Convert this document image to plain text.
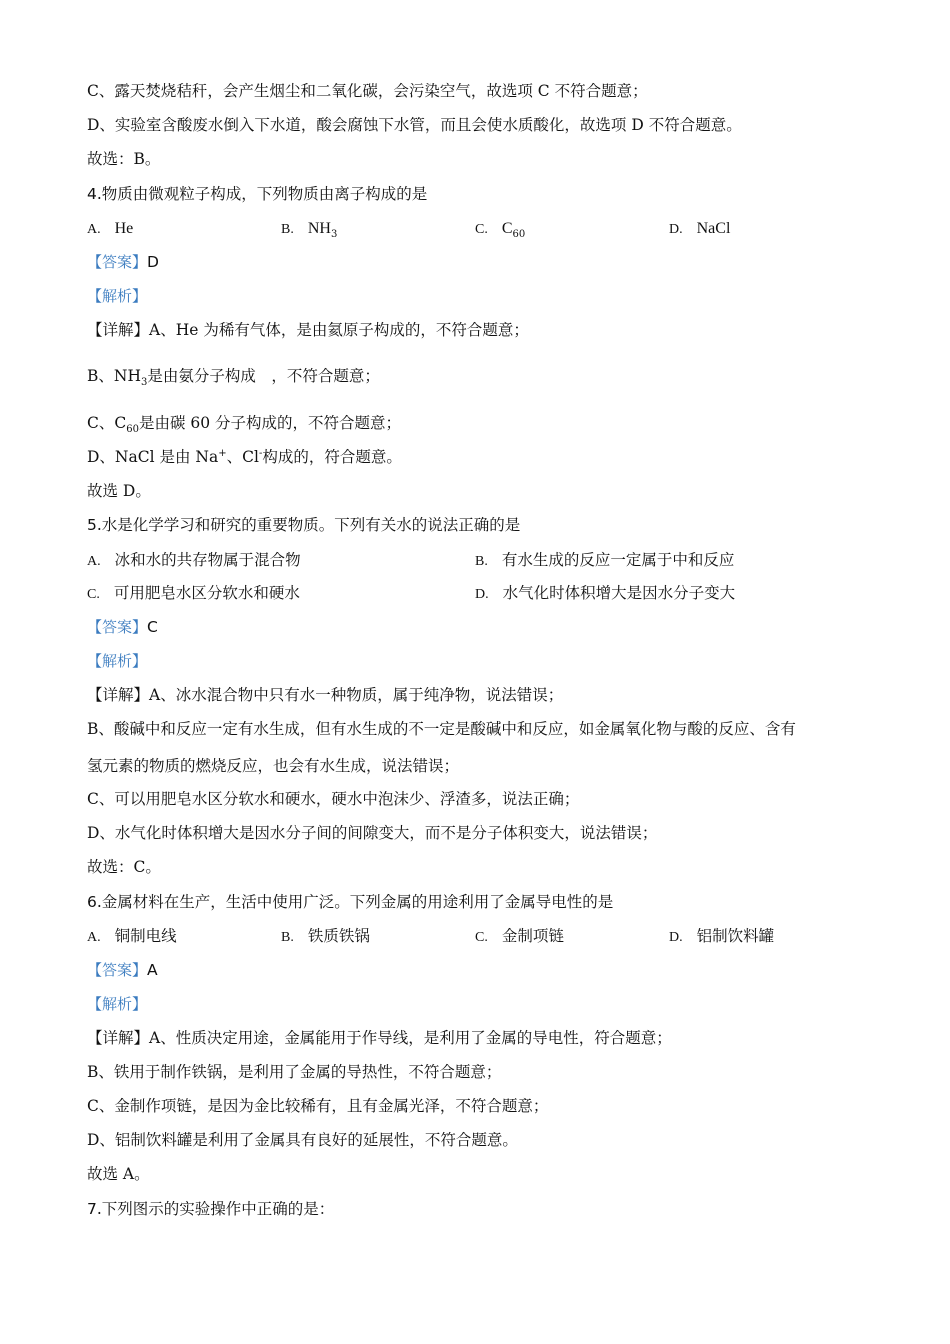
C、露天焚烧秸秆，会产生烟尘和二氧化碳，会污染空气，故选项 C 不符合题意；
D、实验室含酸废水倒入下水道，酸会腐蚀下水管，而且会使水质酸化，故选项 D 不符合题意。
故选：B。
4.物质由微观粒子构成，下列物质由离子构成的是
A. He	B. $NH_3$	C. $C_{60}$	D. NaCl
【答案】D
【解析】
【详解】A、He 为稀有气体，是由氦原子构成的，不符合题意；
B、$NH_3$是由氨分子构成　，不符合题意；
C、$C_{60}$是由碳 60 分子构成的，不符合题意；
D、NaCl 是由 Na+、Cl-构成的，符合题意。
故选 D。
5.水是化学学习和研究的重要物质。下列有关水的说法正确的是
A. 冰和水的共存物属于混合物	B. 有水生成的反应一定属于中和反应
C. 可用肥皂水区分软水和硬水	D. 水气化时体积增大是因水分子变大
【答案】C
【解析】
【详解】A、冰水混合物中只有水一种物质，属于纯净物，说法错误；
B、酸碱中和反应一定有水生成，但有水生成的不一定是酸碱中和反应，如金属氧化物与酸的反应、含有
氢元素的物质的燃烧反应，也会有水生成，说法错误；
C、可以用肥皂水区分软水和硬水，硬水中泡沫少、浮渣多，说法正确；
D、水气化时体积增大是因水分子间的间隙变大，而不是分子体积变大，说法错误；
故选：C。
6.金属材料在生产，生活中使用广泛。下列金属的用途利用了金属导电性的是
A. 铜制电线	B. 铁质铁锅	C. 金制项链	D. 铝制饮料罐
【答案】A
【解析】
【详解】A、性质决定用途，金属能用于作导线，是利用了金属的导电性，符合题意；
B、铁用于制作铁锅，是利用了金属的导热性，不符合题意；
C、金制作项链，是因为金比较稀有，且有金属光泽，不符合题意；
D、铝制饮料罐是利用了金属具有良好的延展性，不符合题意。
故选 A。
7.下列图示的实验操作中正确的是：
